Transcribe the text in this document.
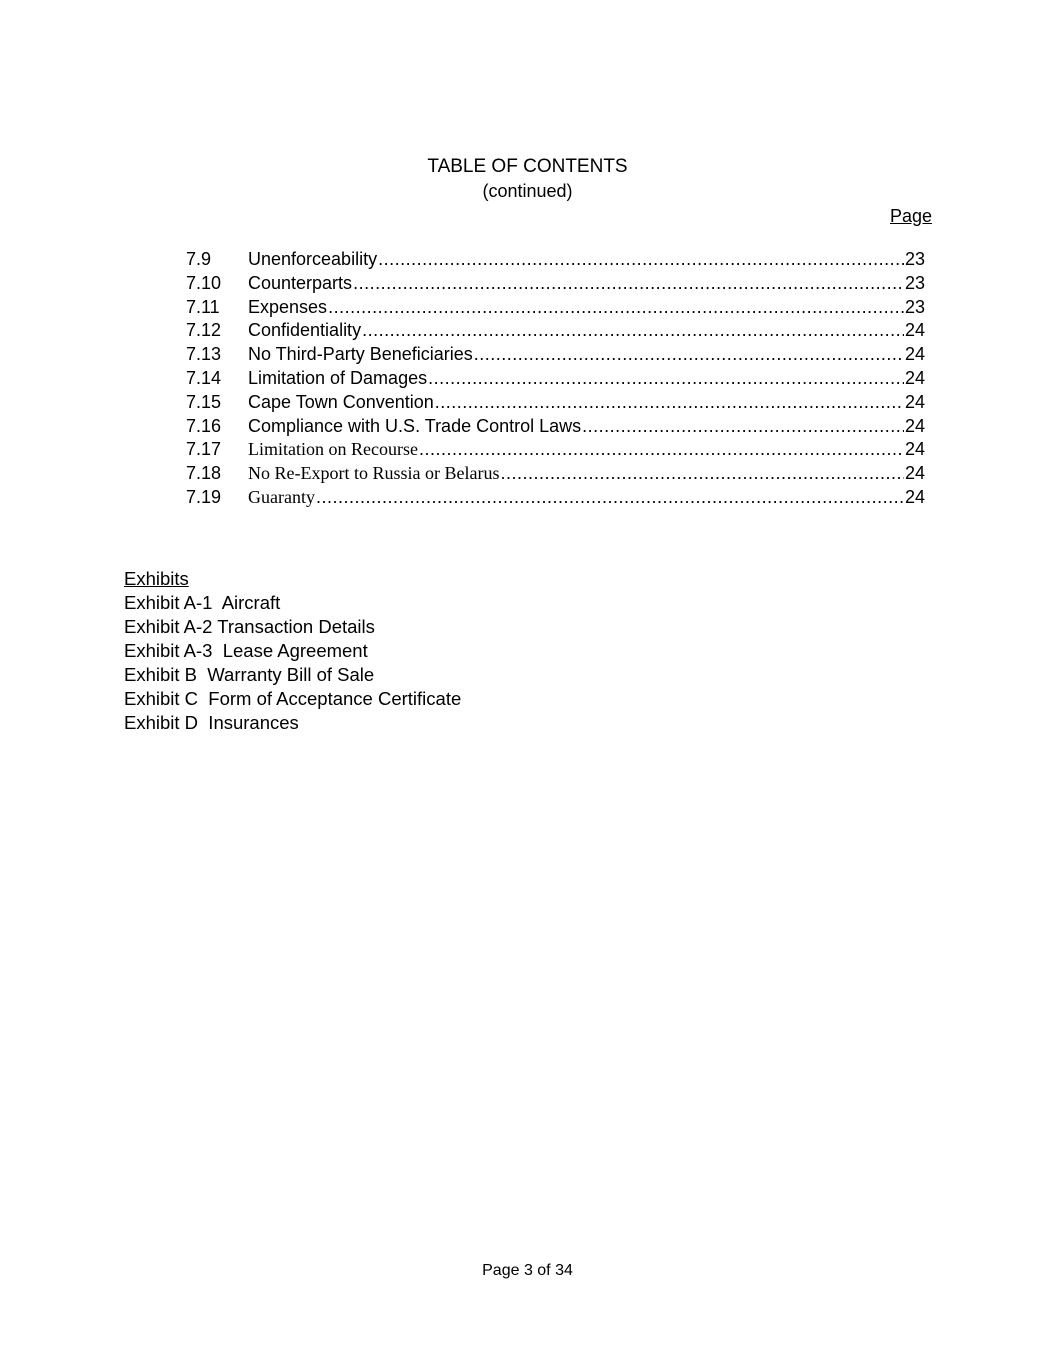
TABLE OF CONTENTS
(continued)
Page
7.9	Unenforceability .....	23
7.10	Counterparts .....	23
7.11	Expenses .....	23
7.12	Confidentiality .....	24
7.13	No Third-Party Beneficiaries .....	24
7.14	Limitation of Damages .....	24
7.15	Cape Town Convention .....	24
7.16	Compliance with U.S. Trade Control Laws .....	24
7.17	Limitation on Recourse .....	24
7.18	No Re-Export to Russia or Belarus .....	24
7.19	Guaranty .....	24
Exhibits
Exhibit A-1  Aircraft
Exhibit A-2 Transaction Details
Exhibit A-3  Lease Agreement
Exhibit B  Warranty Bill of Sale
Exhibit C  Form of Acceptance Certificate
Exhibit D  Insurances
Page 3 of 34
